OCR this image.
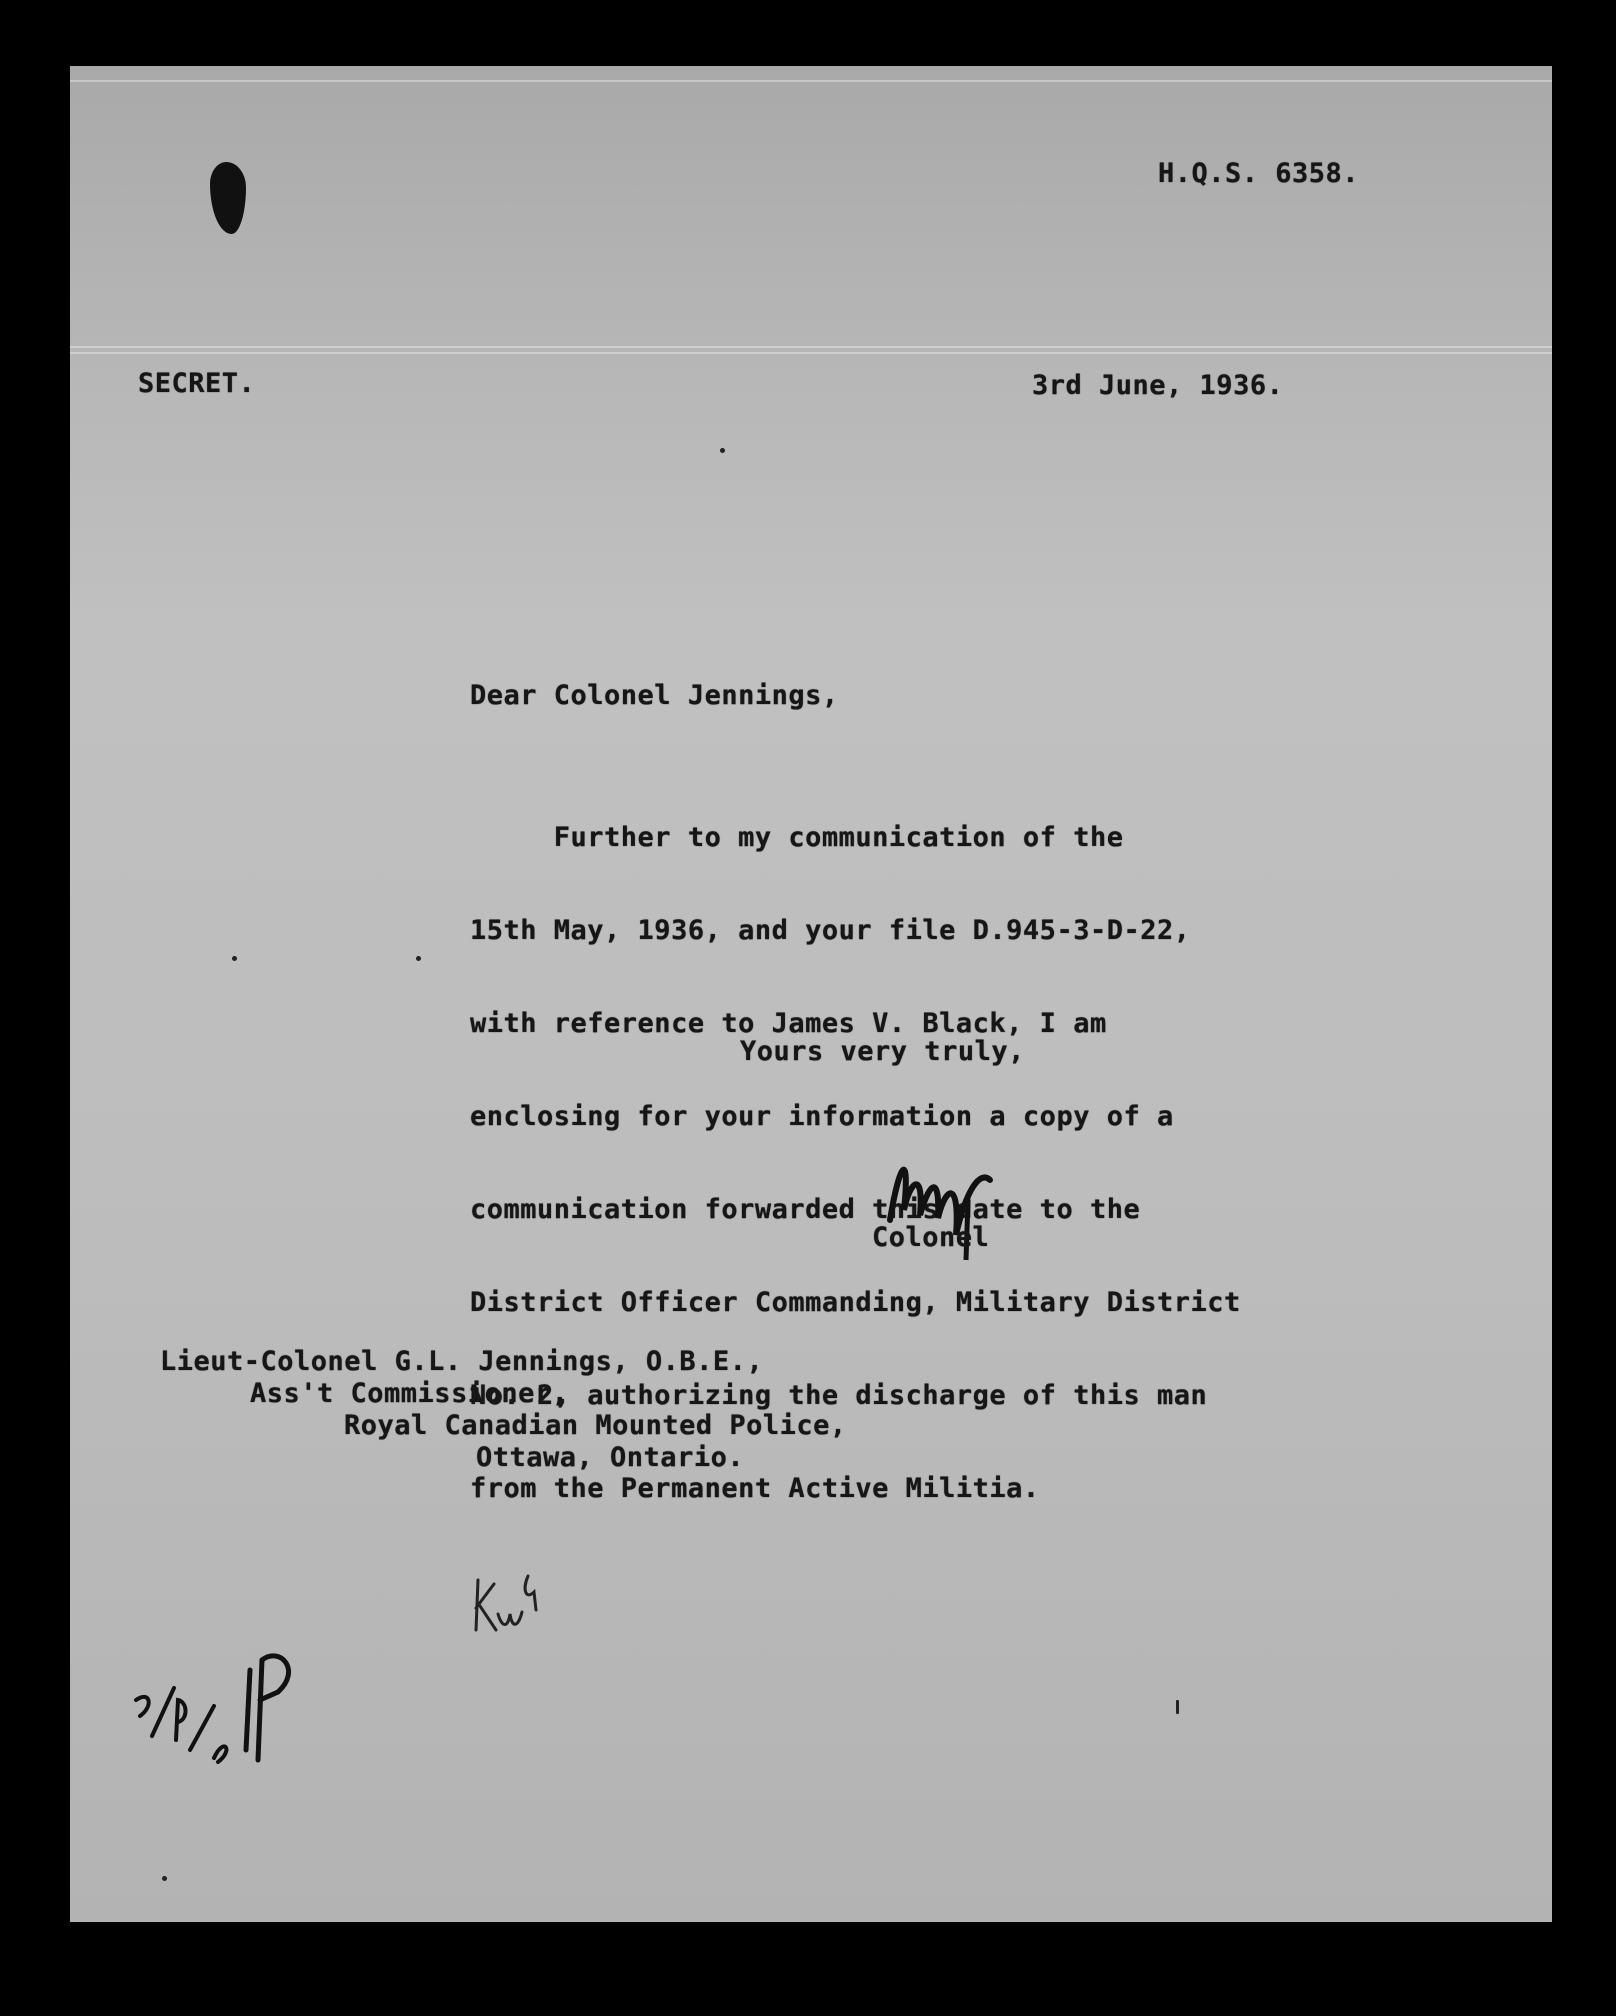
H.Q.S. 6358.
SECRET.	3rd June, 1936.
Dear Colonel Jennings,

Further to my communication of the

15th May, 1936, and your file D.945-3-D-22,

with reference to James V. Black, I am

enclosing for your information a copy of a

communication forwarded this date to the

District Officer Commanding, Military District

No. 2, authorizing the discharge of this man

from the Permanent Active Militia.

Yours very truly,
Colonel
Lieut-Colonel G.L. Jennings, O.B.E.,
Ass't Commissioner,
Royal Canadian Mounted Police,
Ottawa, Ontario.
